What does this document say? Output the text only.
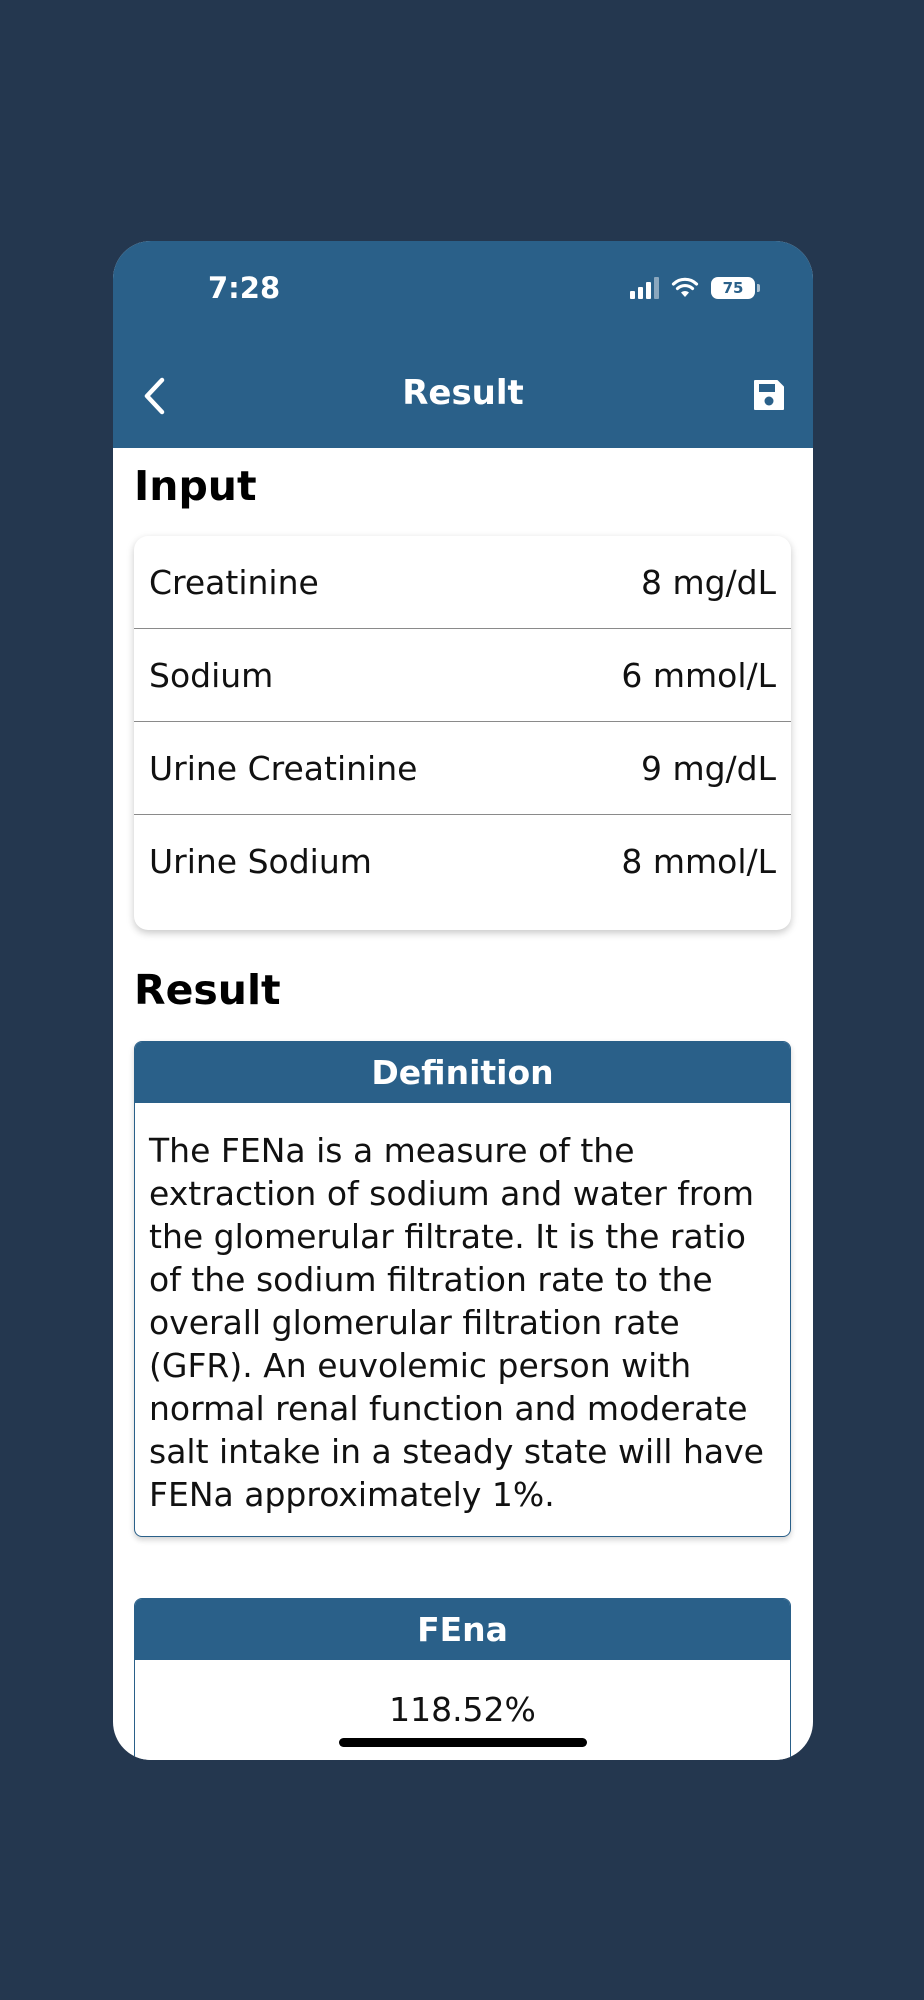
7:28	75
Result
Input
Creatinine	8 mg/dL
Sodium	6 mmol/L
Urine Creatinine	9 mg/dL
Urine Sodium	8 mmol/L
Result
Definition
The FENa is a measure of the extraction of sodium and water from the glomerular filtrate. It is the ratio of the sodium filtration rate to the overall glomerular filtration rate (GFR). An euvolemic person with normal renal function and moderate salt intake in a steady state will have FENa approximately 1%.
FEna
118.52%
